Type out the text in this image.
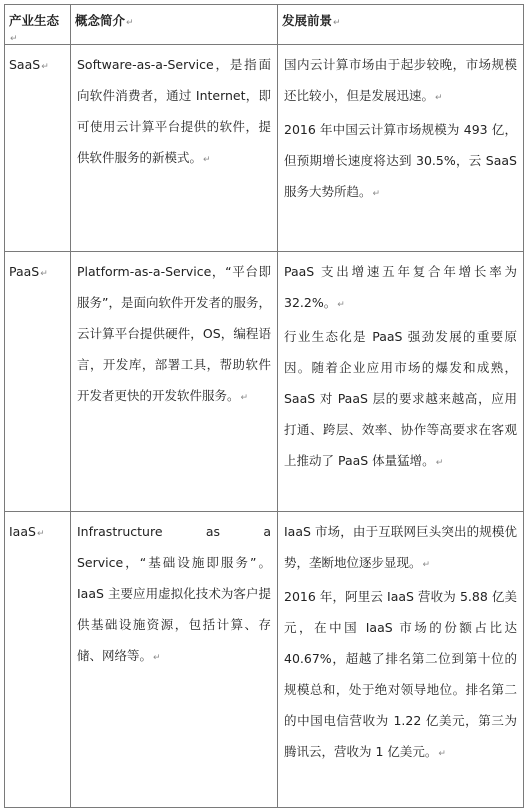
产业生态↵	概念简介↵	发展前景↵
SaaS↵	Software-as-a-Service，是指面向软件消费者，通过 Internet，即可使用云计算平台提供的软件，提供软件服务的新模式。↵	国内云计算市场由于起步较晚，市场规模还比较小，但是发展迅速。↵

2016 年中国云计算市场规模为 493 亿，但预期增长速度将达到 30.5%，云 SaaS 服务大势所趋。↵

PaaS↵	Platform-as-a-Service，“平台即服务”，是面向软件开发者的服务，云计算平台提供硬件，OS，编程语言，开发库，部署工具，帮助软件开发者更快的开发软件服务。↵	PaaS 支出增速五年复合年增长率为 32.2%。↵

行业生态化是 PaaS 强劲发展的重要原因。随着企业应用市场的爆发和成熟，SaaS 对 PaaS 层的要求越来越高，应用打通、跨层、效率、协作等高要求在客观上推动了 PaaS 体量猛增。↵

IaaS↵	Infrastructure as a Service，“基础设施即服务”。IaaS 主要应用虚拟化技术为客户提供基础设施资源，包括计算、存储、网络等。↵	IaaS 市场，由于互联网巨头突出的规模优势，垄断地位逐步显现。↵

2016 年，阿里云 IaaS 营收为 5.88 亿美元，在中国 IaaS 市场的份额占比达 40.67%，超越了排名第二位到第十位的规模总和，处于绝对领导地位。排名第二的中国电信营收为 1.22 亿美元，第三为腾讯云，营收为 1 亿美元。↵
